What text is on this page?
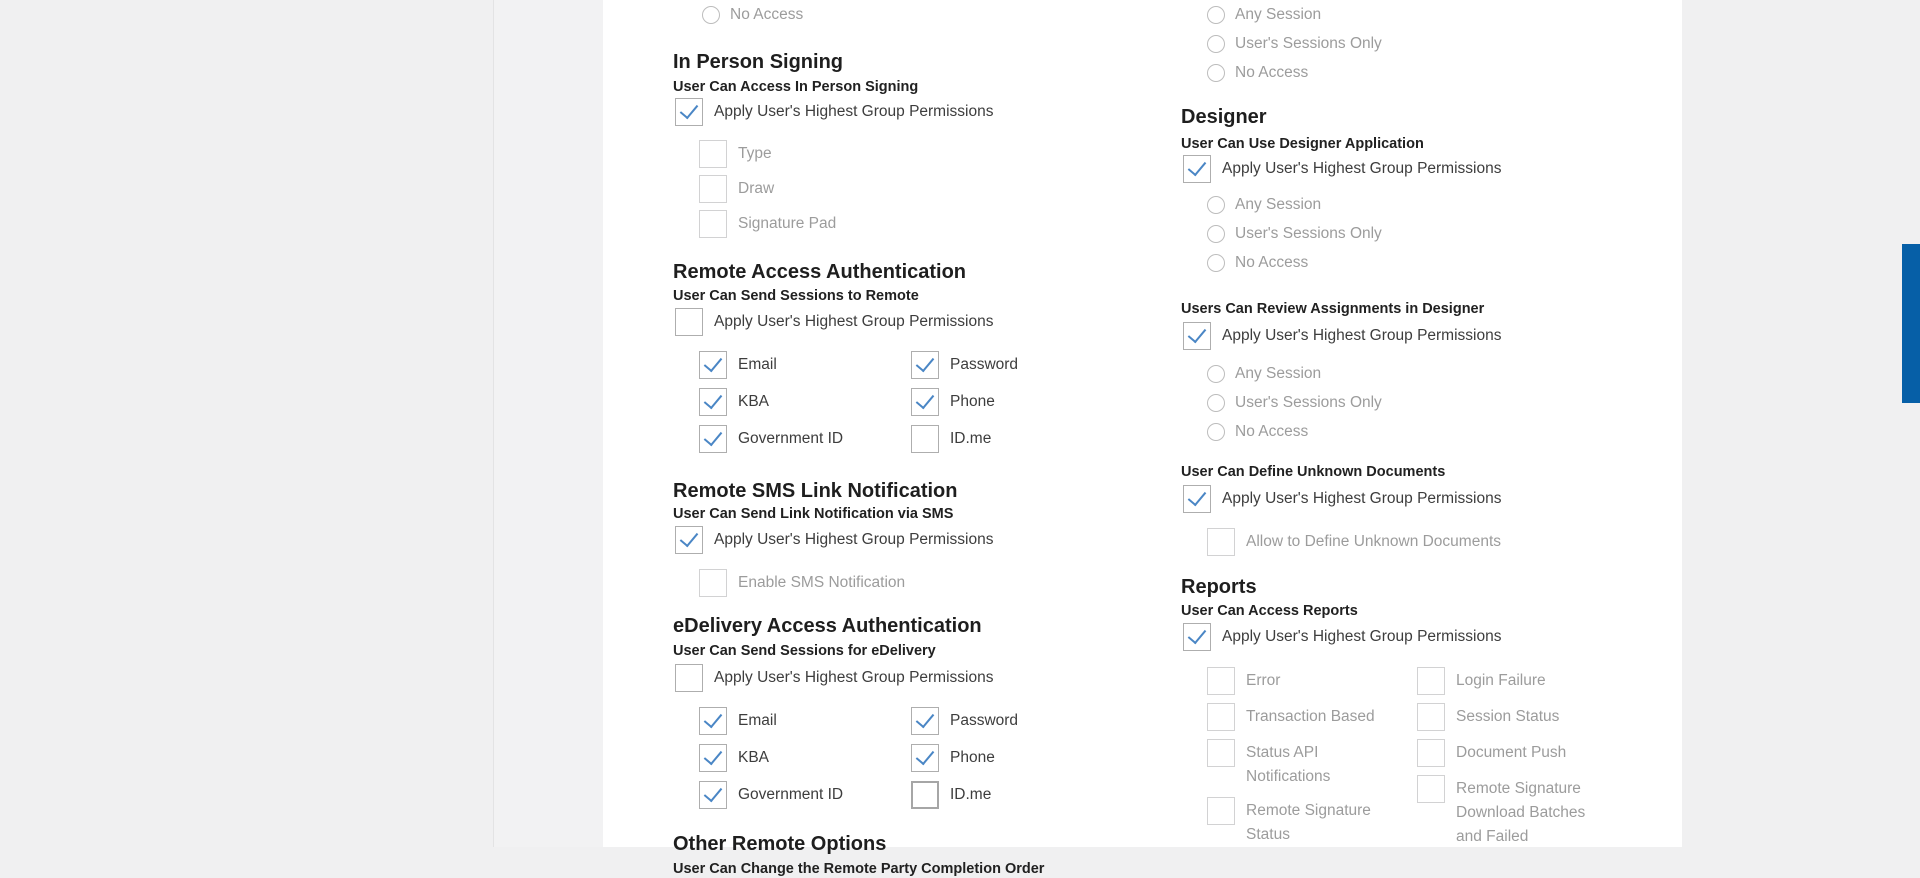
No Access
In Person Signing
User Can Access In Person Signing
Apply User's Highest Group Permissions
Type
Draw
Signature Pad
Remote Access Authentication
User Can Send Sessions to Remote
Apply User's Highest Group Permissions
Email
KBA
Government ID
Password
Phone
ID.me
Remote SMS Link Notification
User Can Send Link Notification via SMS
Apply User's Highest Group Permissions
Enable SMS Notification
eDelivery Access Authentication
User Can Send Sessions for eDelivery
Apply User's Highest Group Permissions
Email
KBA
Government ID
Password
Phone
ID.me
Other Remote Options
User Can Change the Remote Party Completion Order
Any Session
User's Sessions Only
No Access
Designer
User Can Use Designer Application
Apply User's Highest Group Permissions
Any Session
User's Sessions Only
No Access
Users Can Review Assignments in Designer
Apply User's Highest Group Permissions
Any Session
User's Sessions Only
No Access
User Can Define Unknown Documents
Apply User's Highest Group Permissions
Allow to Define Unknown Documents
Reports
User Can Access Reports
Apply User's Highest Group Permissions
Error
Transaction Based
Status API Notifications
Remote Signature Status
Login Failure
Session Status
Document Push
Remote Signature Download Batches and Failed
